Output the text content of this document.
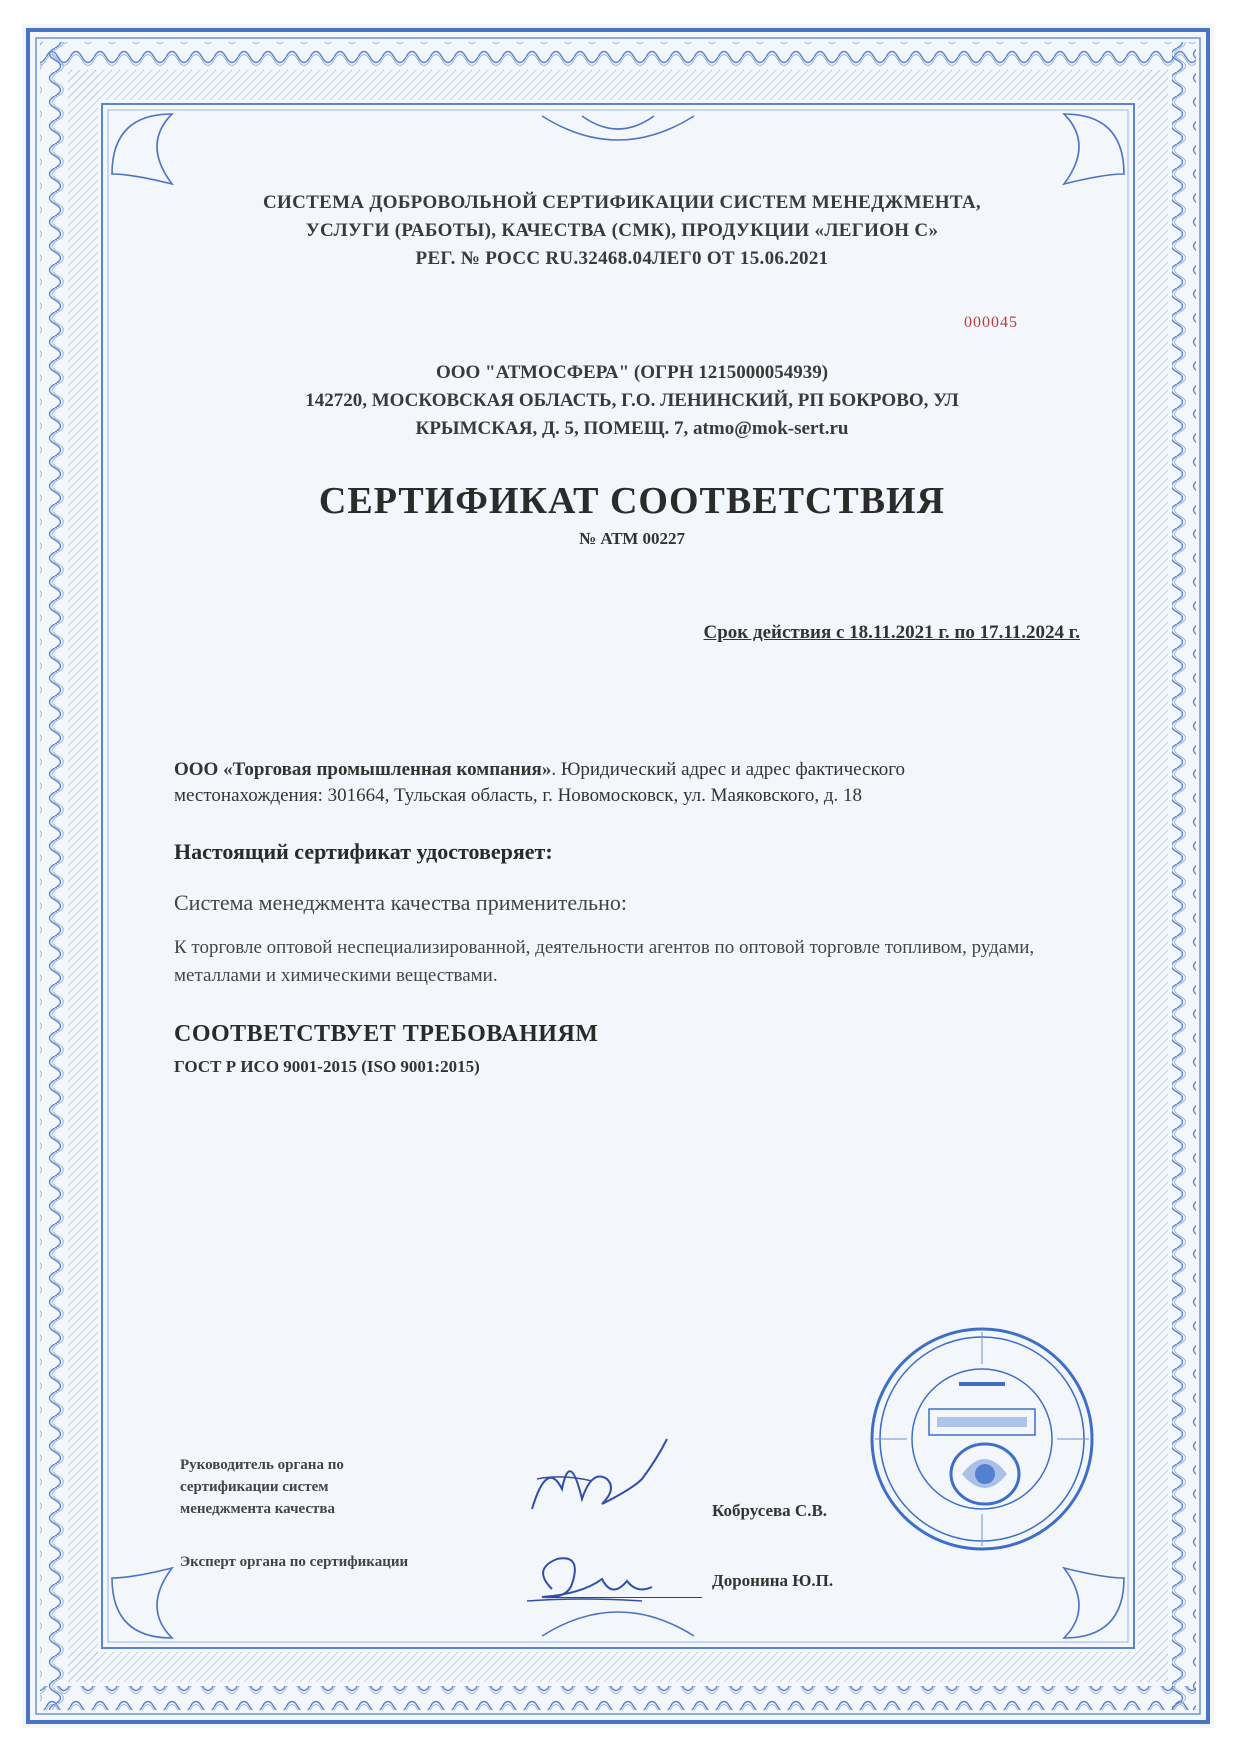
СИСТЕМА ДОБРОВОЛЬНОЙ СЕРТИФИКАЦИИ СИСТЕМ МЕНЕДЖМЕНТА,
УСЛУГИ (РАБОТЫ), КАЧЕСТВА (СМК), ПРОДУКЦИИ «ЛЕГИОН С»
РЕГ. № РОСС RU.32468.04ЛЕГ0 ОТ 15.06.2021
000045
ООО "АТМОСФЕРА" (ОГРН 1215000054939)
142720, МОСКОВСКАЯ ОБЛАСТЬ, Г.О. ЛЕНИНСКИЙ, РП БОКРОВО, УЛ
КРЫМСКАЯ, Д. 5, ПОМЕЩ. 7, atmo@mok-sert.ru
СЕРТИФИКАТ СООТВЕТСТВИЯ
№ АТМ 00227
Срок действия с 18.11.2021 г. по 17.11.2024 г.
ООО «Торговая промышленная компания». Юридический адрес и адрес фактического местонахождения: 301664, Тульская область, г. Новомосковск, ул. Маяковского, д. 18
Настоящий сертификат удостоверяет:
Система менеджмента качества применительно:
К торговле оптовой неспециализированной, деятельности агентов по оптовой торговле топливом, рудами, металлами и химическими веществами.
СООТВЕТСТВУЕТ ТРЕБОВАНИЯМ
ГОСТ Р ИСО 9001-2015 (ISO 9001:2015)
Руководитель органа по сертификации систем менеджмента качества	Кобрусева С.В.
Эксперт органа по сертификации
Доронина Ю.П.
